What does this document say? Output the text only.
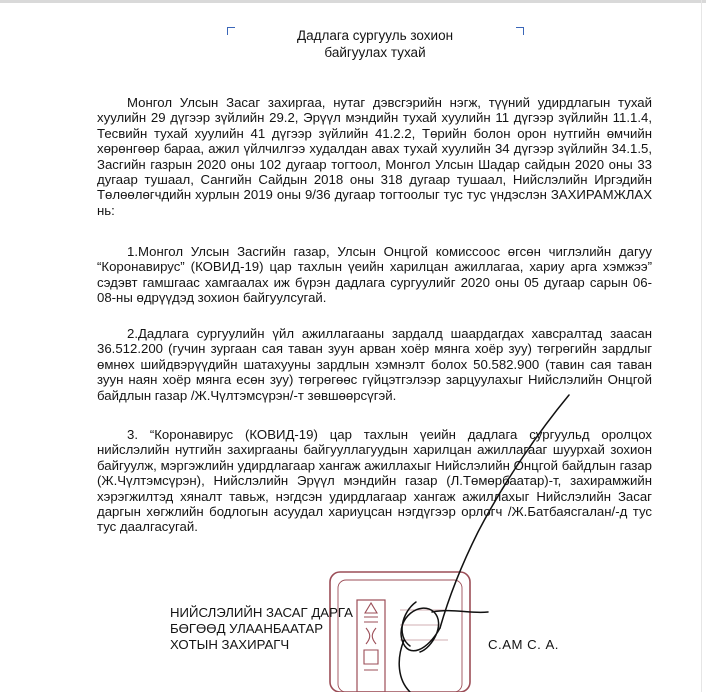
Дадлага сургууль зохион
байгуулах тухай

Монгол Улсын Засаг захиргаа, нутаг дэвсгэрийн нэгж, түүний удирдлагын тухай хуулийн 29 дүгээр зүйлийн 29.2, Эрүүл мэндийн тухай хуулийн 11 дүгээр зүйлийн 11.1.4, Тесвийн тухай хуулийн 41 дүгээр зүйлийн 41.2.2, Төрийн болон орон нутгийн өмчийн хөрөнгөөр бараа, ажил үйлчилгээ худалдан авах тухай хуулийн 34 дүгээр зүйлийн 34.1.5, Засгийн газрын 2020 оны 102 дугаар тогтоол, Монгол Улсын Шадар сайдын 2020 оны 33 дугаар тушаал, Сангийн Сайдын 2018 оны 318 дугаар тушаал, Нийслэлийн Иргэдийн Төлөөлөгчдийн хурлын 2019 оны 9/36 дугаар тогтоолыг тус тус үндэслэн ЗАХИРАМЖЛАХ нь:

1.Монгол Улсын Засгийн газар, Улсын Онцгой комиссоос өгсөн чиглэлийн дагуу “Коронавирус” (КОВИД-19) цар тахлын үеийн харилцан ажиллагаа, хариу арга хэмжээ” сэдэвт гамшгаас хамгаалах иж бүрэн дадлага сургуулийг 2020 оны 05 дугаар сарын 06-08-ны өдрүүдэд зохион байгуулсугай.

2.Дадлага сургуулийн үйл ажиллагааны зардалд шаардагдах хавсралтад заасан 36.512.200 (гучин зургаан сая таван зуун арван хоёр мянга хоёр зуу) төгрөгийн зардлыг өмнөх шийдвэрүүдийн шатахууны зардлын хэмнэлт болох 50.582.900 (тавин сая таван зуун наян хоёр мянга есөн зуу) төгрөгөөс гүйцэтгэлээр зарцуулахыг Нийслэлийн Онцгой байдлын газар /Ж.Чүлтэмсүрэн/-т зөвшөөрсүгэй.

3. “Коронавирус (КОВИД-19) цар тахлын үеийн дадлага сургуульд оролцох нийслэлийн нутгийн захиргааны байгууллагуудын харилцан ажиллагааг шуурхай зохион байгуулж, мэргэжлийн удирдлагаар хангаж ажиллахыг Нийслэлийн Онцгой байдлын газар (Ж.Чүлтэмсүрэн), Нийслэлийн Эрүүл мэндийн газар (Л.Төмөрбаатар)-т, захирамжийн хэрэгжилтэд хяналт тавьж, нэгдсэн удирдлагаар хангаж ажиллахыг Нийслэлийн Засаг даргын хөгжлийн бодлогын асуудал хариуцсан нэгдүгээр орлогч /Ж.Батбаясгалан/-д тус тус даалгасугай.

НИЙСЛЭЛИЙН ЗАСАГ ДАРГА
БӨГӨӨД УЛААНБААТАР
ХОТЫН ЗАХИРАГЧ	С.АМ С. А.
